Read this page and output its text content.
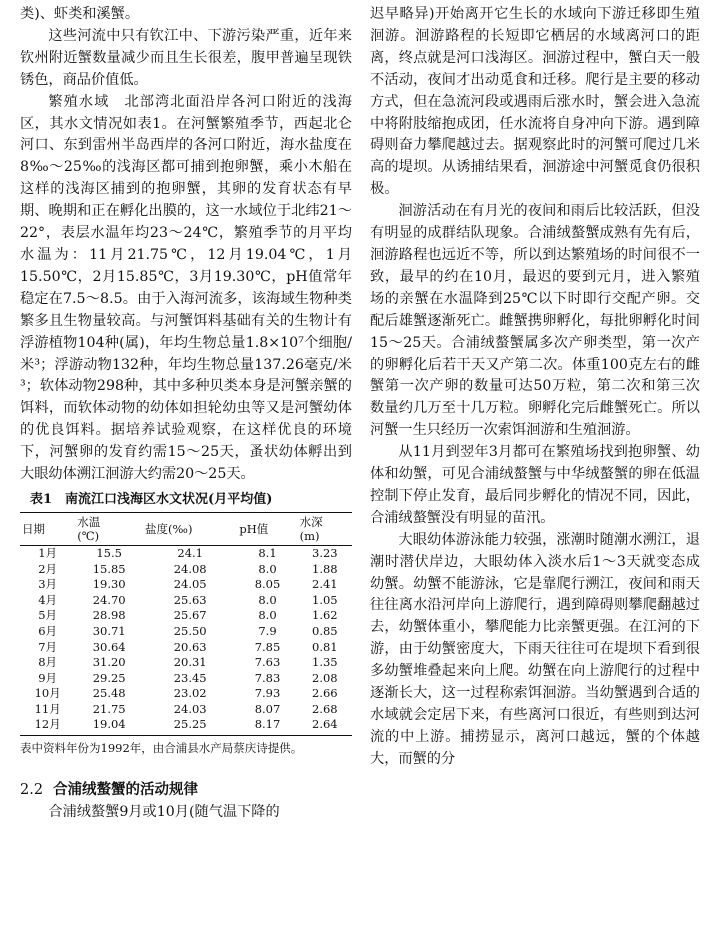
类)、虾类和溪蟹。

这些河流中只有钦江中、下游污染严重，近年来钦州附近蟹数量减少而且生长很差，腹甲普遍呈现铁锈色，商品价值低。

繁殖水域　北部湾北面沿岸各河口附近的浅海区，其水文情况如表1。在河蟹繁殖季节，西起北仑河口、东到雷州半岛西岸的各河口附近，海水盐度在8‰～25‰的浅海区都可捕到抱卵蟹，乘小木船在这样的浅海区捕到的抱卵蟹，其卵的发育状态有早期、晚期和正在孵化出膜的，这一水域位于北纬21～22°，表层水温年均23～24℃，繁殖季节的月平均水温为：11月21.75℃，12月19.04℃，1月15.50℃，2月15.85℃，3月19.30℃，pH值常年稳定在7.5～8.5。由于入海河流多，该海域生物种类繁多且生物量较高。与河蟹饵料基础有关的生物计有浮游植物104种(属)，年均生物总量1.8×10⁷个细胞/米³；浮游动物132种，年均生物总量137.26毫克/米³；软体动物298种，其中多种贝类本身是河蟹亲蟹的饵料，而软体动物的幼体如担轮幼虫等又是河蟹幼体的优良饵料。据培养试验观察，在这样优良的环境下，河蟹卵的发育约需15～25天，蚤状幼体孵出到大眼幼体溯江洄游大约需20～25天。

表1　南流江口浅海区水文状况(月平均值)
日期	水温
(℃)	盐度(‰)	pH值	水深
(m)
1月	15.5	24.1	8.1	3.23
2月	15.85	24.08	8.0	1.88
3月	19.30	24.05	8.05	2.41
4月	24.70	25.63	8.0	1.05
5月	28.98	25.67	8.0	1.62
6月	30.71	25.50	7.9	0.85
7月	30.64	20.63	7.85	0.81
8月	31.20	20.31	7.63	1.35
9月	29.25	23.45	7.83	2.08
10月	25.48	23.02	7.93	2.66
11月	21.75	24.03	8.07	2.68
12月	19.04	25.25	8.17	2.64

表中资料年份为1992年，由合浦县水产局蔡庆诗提供。

2.2 合浦绒螯蟹的活动规律

合浦绒螯蟹9月或10月(随气温下降的

迟早略异)开始离开它生长的水域向下游迁移即生殖洄游。洄游路程的长短即它栖居的水域离河口的距离，终点就是河口浅海区。洄游过程中，蟹白天一般不活动，夜间才出动觅食和迁移。爬行是主要的移动方式，但在急流河段或遇雨后涨水时，蟹会进入急流中将附肢缩抱成团，任水流将自身冲向下游。遇到障碍则奋力攀爬越过去。据观察此时的河蟹可爬过几米高的堤坝。从诱捕结果看，洄游途中河蟹觅食仍很积极。

洄游活动在有月光的夜间和雨后比较活跃，但没有明显的成群结队现象。合浦绒螯蟹成熟有先有后，洄游路程也远近不等，所以到达繁殖场的时间很不一致，最早的约在10月，最迟的要到元月，进入繁殖场的亲蟹在水温降到25℃以下时即行交配产卵。交配后雄蟹逐渐死亡。雌蟹携卵孵化，每批卵孵化时间15～25天。合浦绒螯蟹属多次产卵类型，第一次产的卵孵化后若干天又产第二次。体重100克左右的雌蟹第一次产卵的数量可达50万粒，第二次和第三次数量约几万至十几万粒。卵孵化完后雌蟹死亡。所以河蟹一生只经历一次索饵洄游和生殖洄游。

从11月到翌年3月都可在繁殖场找到抱卵蟹、幼体和幼蟹，可见合浦绒螯蟹与中华绒螯蟹的卵在低温控制下停止发育，最后同步孵化的情况不同，因此，合浦绒螯蟹没有明显的苗汛。

大眼幼体游泳能力较强，涨潮时随潮水溯江，退潮时潜伏岸边，大眼幼体入淡水后1～3天就变态成幼蟹。幼蟹不能游泳，它是靠爬行溯江，夜间和雨天往往离水沿河岸向上游爬行，遇到障碍则攀爬翻越过去，幼蟹体重小，攀爬能力比亲蟹更强。在江河的下游，由于幼蟹密度大，下雨天往往可在堤坝下看到很多幼蟹堆叠起来向上爬。幼蟹在向上游爬行的过程中逐渐长大，这一过程称索饵洄游。当幼蟹遇到合适的水域就会定居下来，有些离河口很近，有些则到达河流的中上游。捕捞显示，离河口越远，蟹的个体越大，而蟹的分
